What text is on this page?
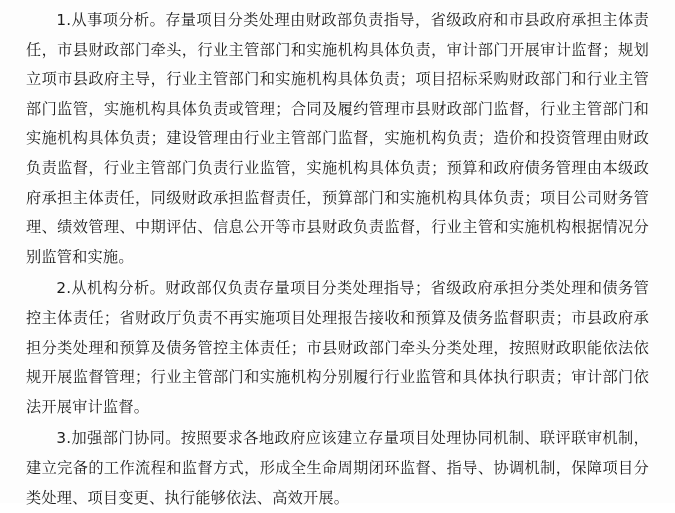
1.从事项分析。存量项目分类处理由财政部负责指导，省级政府和市县政府承担主体责任，市县财政部门牵头，行业主管部门和实施机构具体负责，审计部门开展审计监督；规划立项市县政府主导，行业主管部门和实施机构具体负责；项目招标采购财政部门和行业主管部门监管，实施机构具体负责或管理；合同及履约管理市县财政部门监督，行业主管部门和实施机构具体负责；建设管理由行业主管部门监督，实施机构负责；造价和投资管理由财政负责监督，行业主管部门负责行业监管，实施机构具体负责；预算和政府债务管理由本级政府承担主体责任，同级财政承担监督责任，预算部门和实施机构具体负责；项目公司财务管理、绩效管理、中期评估、信息公开等市县财政负责监督，行业主管和实施机构根据情况分别监管和实施。

2.从机构分析。财政部仅负责存量项目分类处理指导；省级政府承担分类处理和债务管控主体责任；省财政厅负责不再实施项目处理报告接收和预算及债务监督职责；市县政府承担分类处理和预算及债务管控主体责任；市县财政部门牵头分类处理，按照财政职能依法依规开展监督管理；行业主管部门和实施机构分别履行行业监管和具体执行职责；审计部门依法开展审计监督。

3.加强部门协同。按照要求各地政府应该建立存量项目处理协同机制、联评联审机制，建立完备的工作流程和监督方式，形成全生命周期闭环监督、指导、协调机制，保障项目分类处理、项目变更、执行能够依法、高效开展。
